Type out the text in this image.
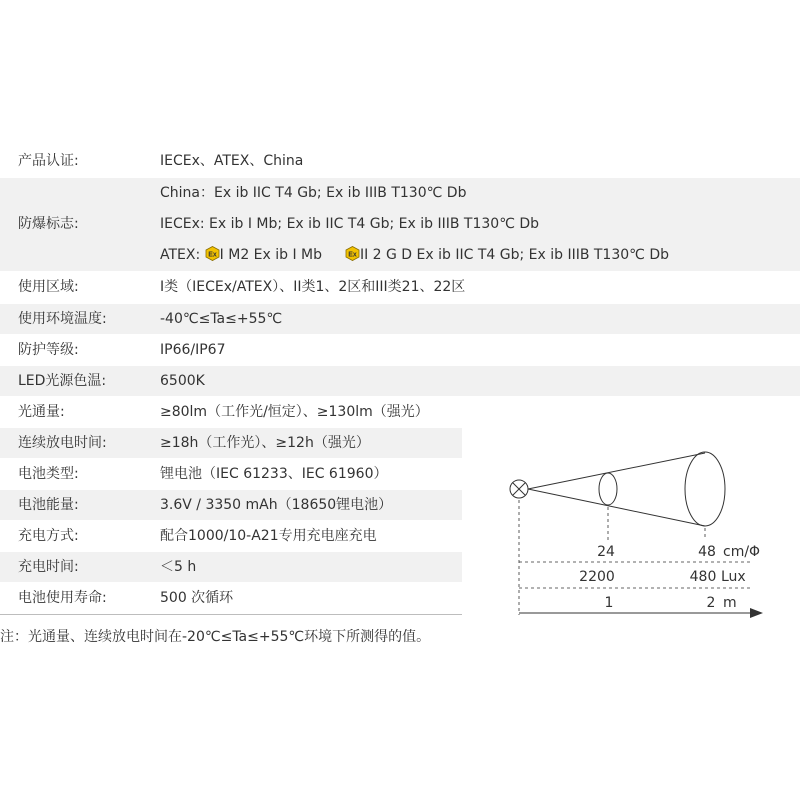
产品认证:	IECEx、ATEX、China
防爆标志:
China：Ex ib IIC T4 Gb; Ex ib IIIB T130℃ Db
IECEx: Ex ib I Mb; Ex ib IIC T4 Gb; Ex ib IIIB T130℃ Db
ATEX: Ex I M2 Ex ib I Mb	Ex II 2 G D Ex ib IIC T4 Gb; Ex ib IIIB T130℃ Db
使用区域:	I类（IECEx/ATEX）、II类1、2区和III类21、22区
使用环境温度:	-40℃≤Ta≤+55℃
防护等级:	IP66/IP67
LED光源色温:	6500K
光通量:	≥80lm（工作光/恒定）、≥130lm（强光）
连续放电时间:	≥18h（工作光）、≥12h（强光）
电池类型:	锂电池（IEC 61233、IEC 61960）
电池能量:	3.6V / 3350 mAh（18650锂电池）
充电方式:	配合1000/10-A21专用充电座充电
充电时间:	＜5 h
电池使用寿命:	500 次循环
注：光通量、连续放电时间在-20℃≤Ta≤+55℃环境下所测得的值。
24	48 cm/Φ
2200	480 Lux
1	2 m
